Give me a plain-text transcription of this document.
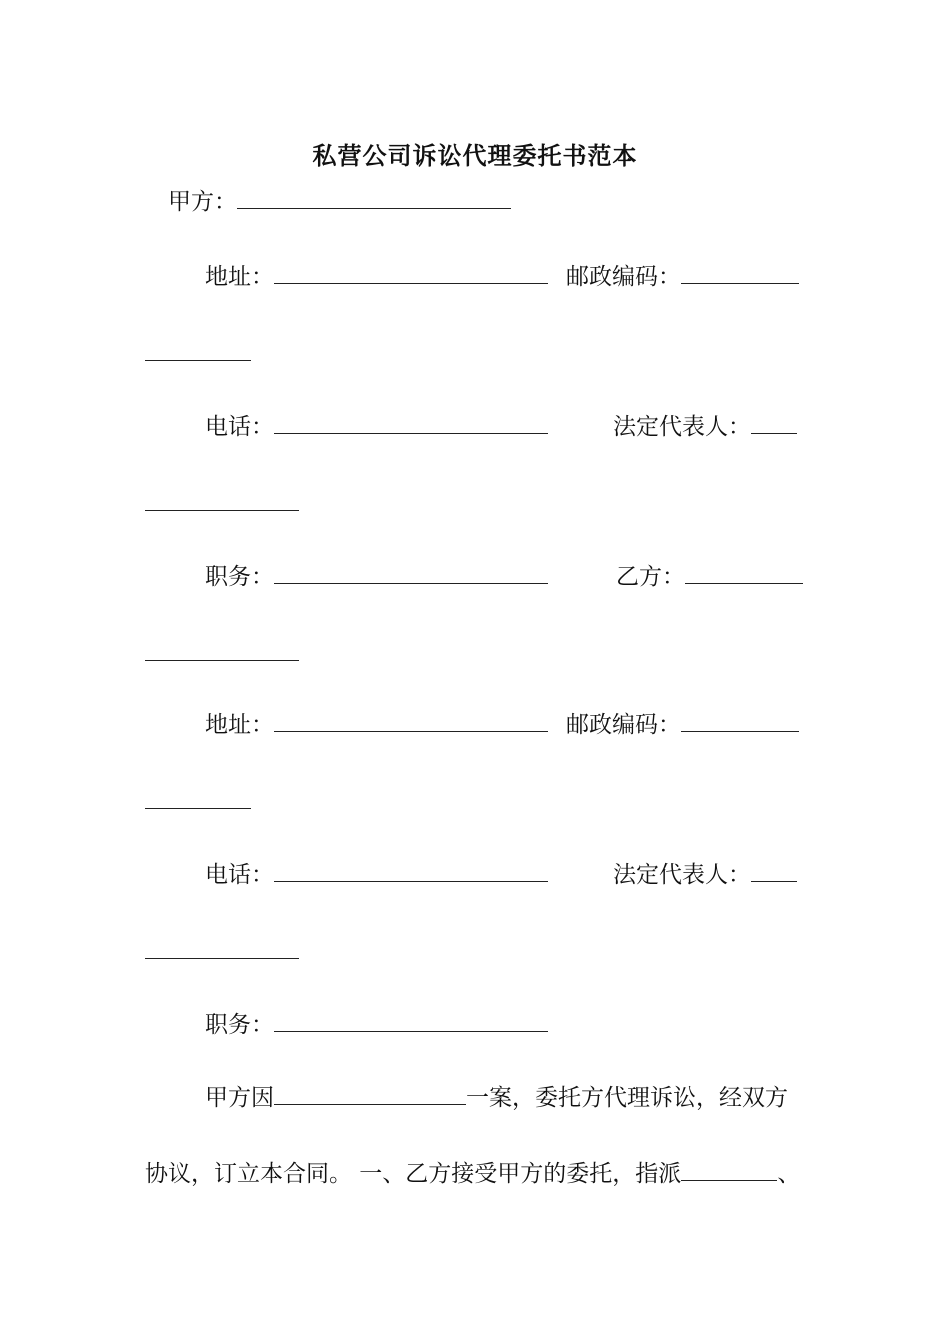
私营公司诉讼代理委托书范本
甲方：
地址：	邮政编码：
电话：	法定代表人：
职务：	乙方：
地址：	邮政编码：
电话：	法定代表人：
职务：
甲方因	一案，委托方代理诉讼，经双方
协议，订立本合同。 一、乙方接受甲方的委托，指派	、
